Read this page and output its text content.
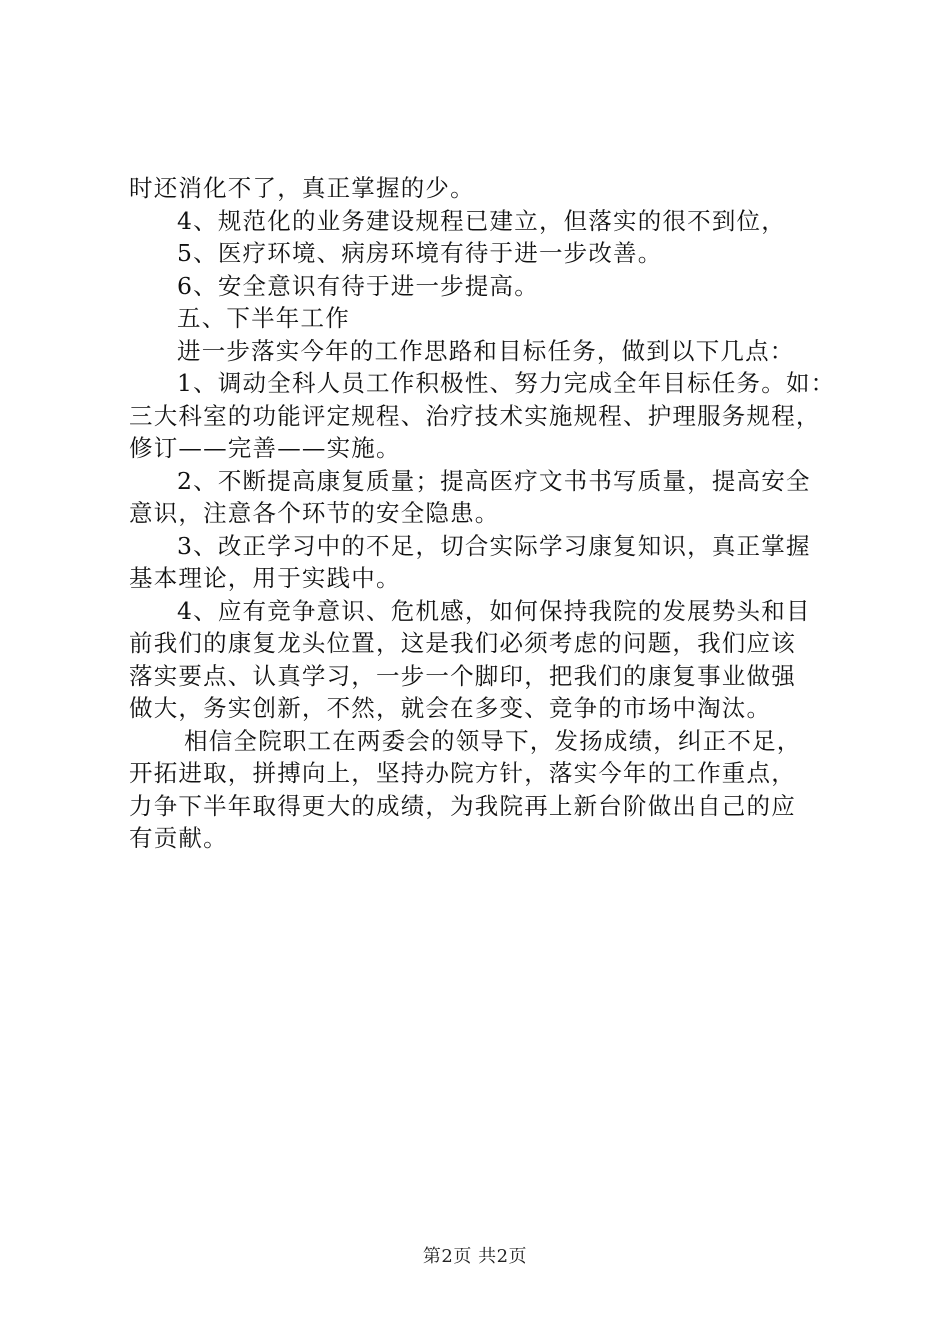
时还消化不了，真正掌握的少。

4、规范化的业务建设规程已建立，但落实的很不到位，

5、医疗环境、病房环境有待于进一步改善。

6、安全意识有待于进一步提高。

五、下半年工作

进一步落实今年的工作思路和目标任务，做到以下几点：

1、调动全科人员工作积极性、努力完成全年目标任务。如：
三大科室的功能评定规程、治疗技术实施规程、护理服务规程，
修订——完善——实施。

2、不断提高康复质量；提高医疗文书书写质量，提高安全
意识，注意各个环节的安全隐患。

3、改正学习中的不足，切合实际学习康复知识，真正掌握
基本理论，用于实践中。

4、应有竞争意识、危机感，如何保持我院的发展势头和目
前我们的康复龙头位置，这是我们必须考虑的问题，我们应该
落实要点、认真学习，一步一个脚印，把我们的康复事业做强
做大，务实创新，不然，就会在多变、竞争的市场中淘汰。

相信全院职工在两委会的领导下，发扬成绩，纠正不足，
开拓进取，拼搏向上，坚持办院方针，落实今年的工作重点，
力争下半年取得更大的成绩，为我院再上新台阶做出自己的应
有贡献。

第2页 共2页
